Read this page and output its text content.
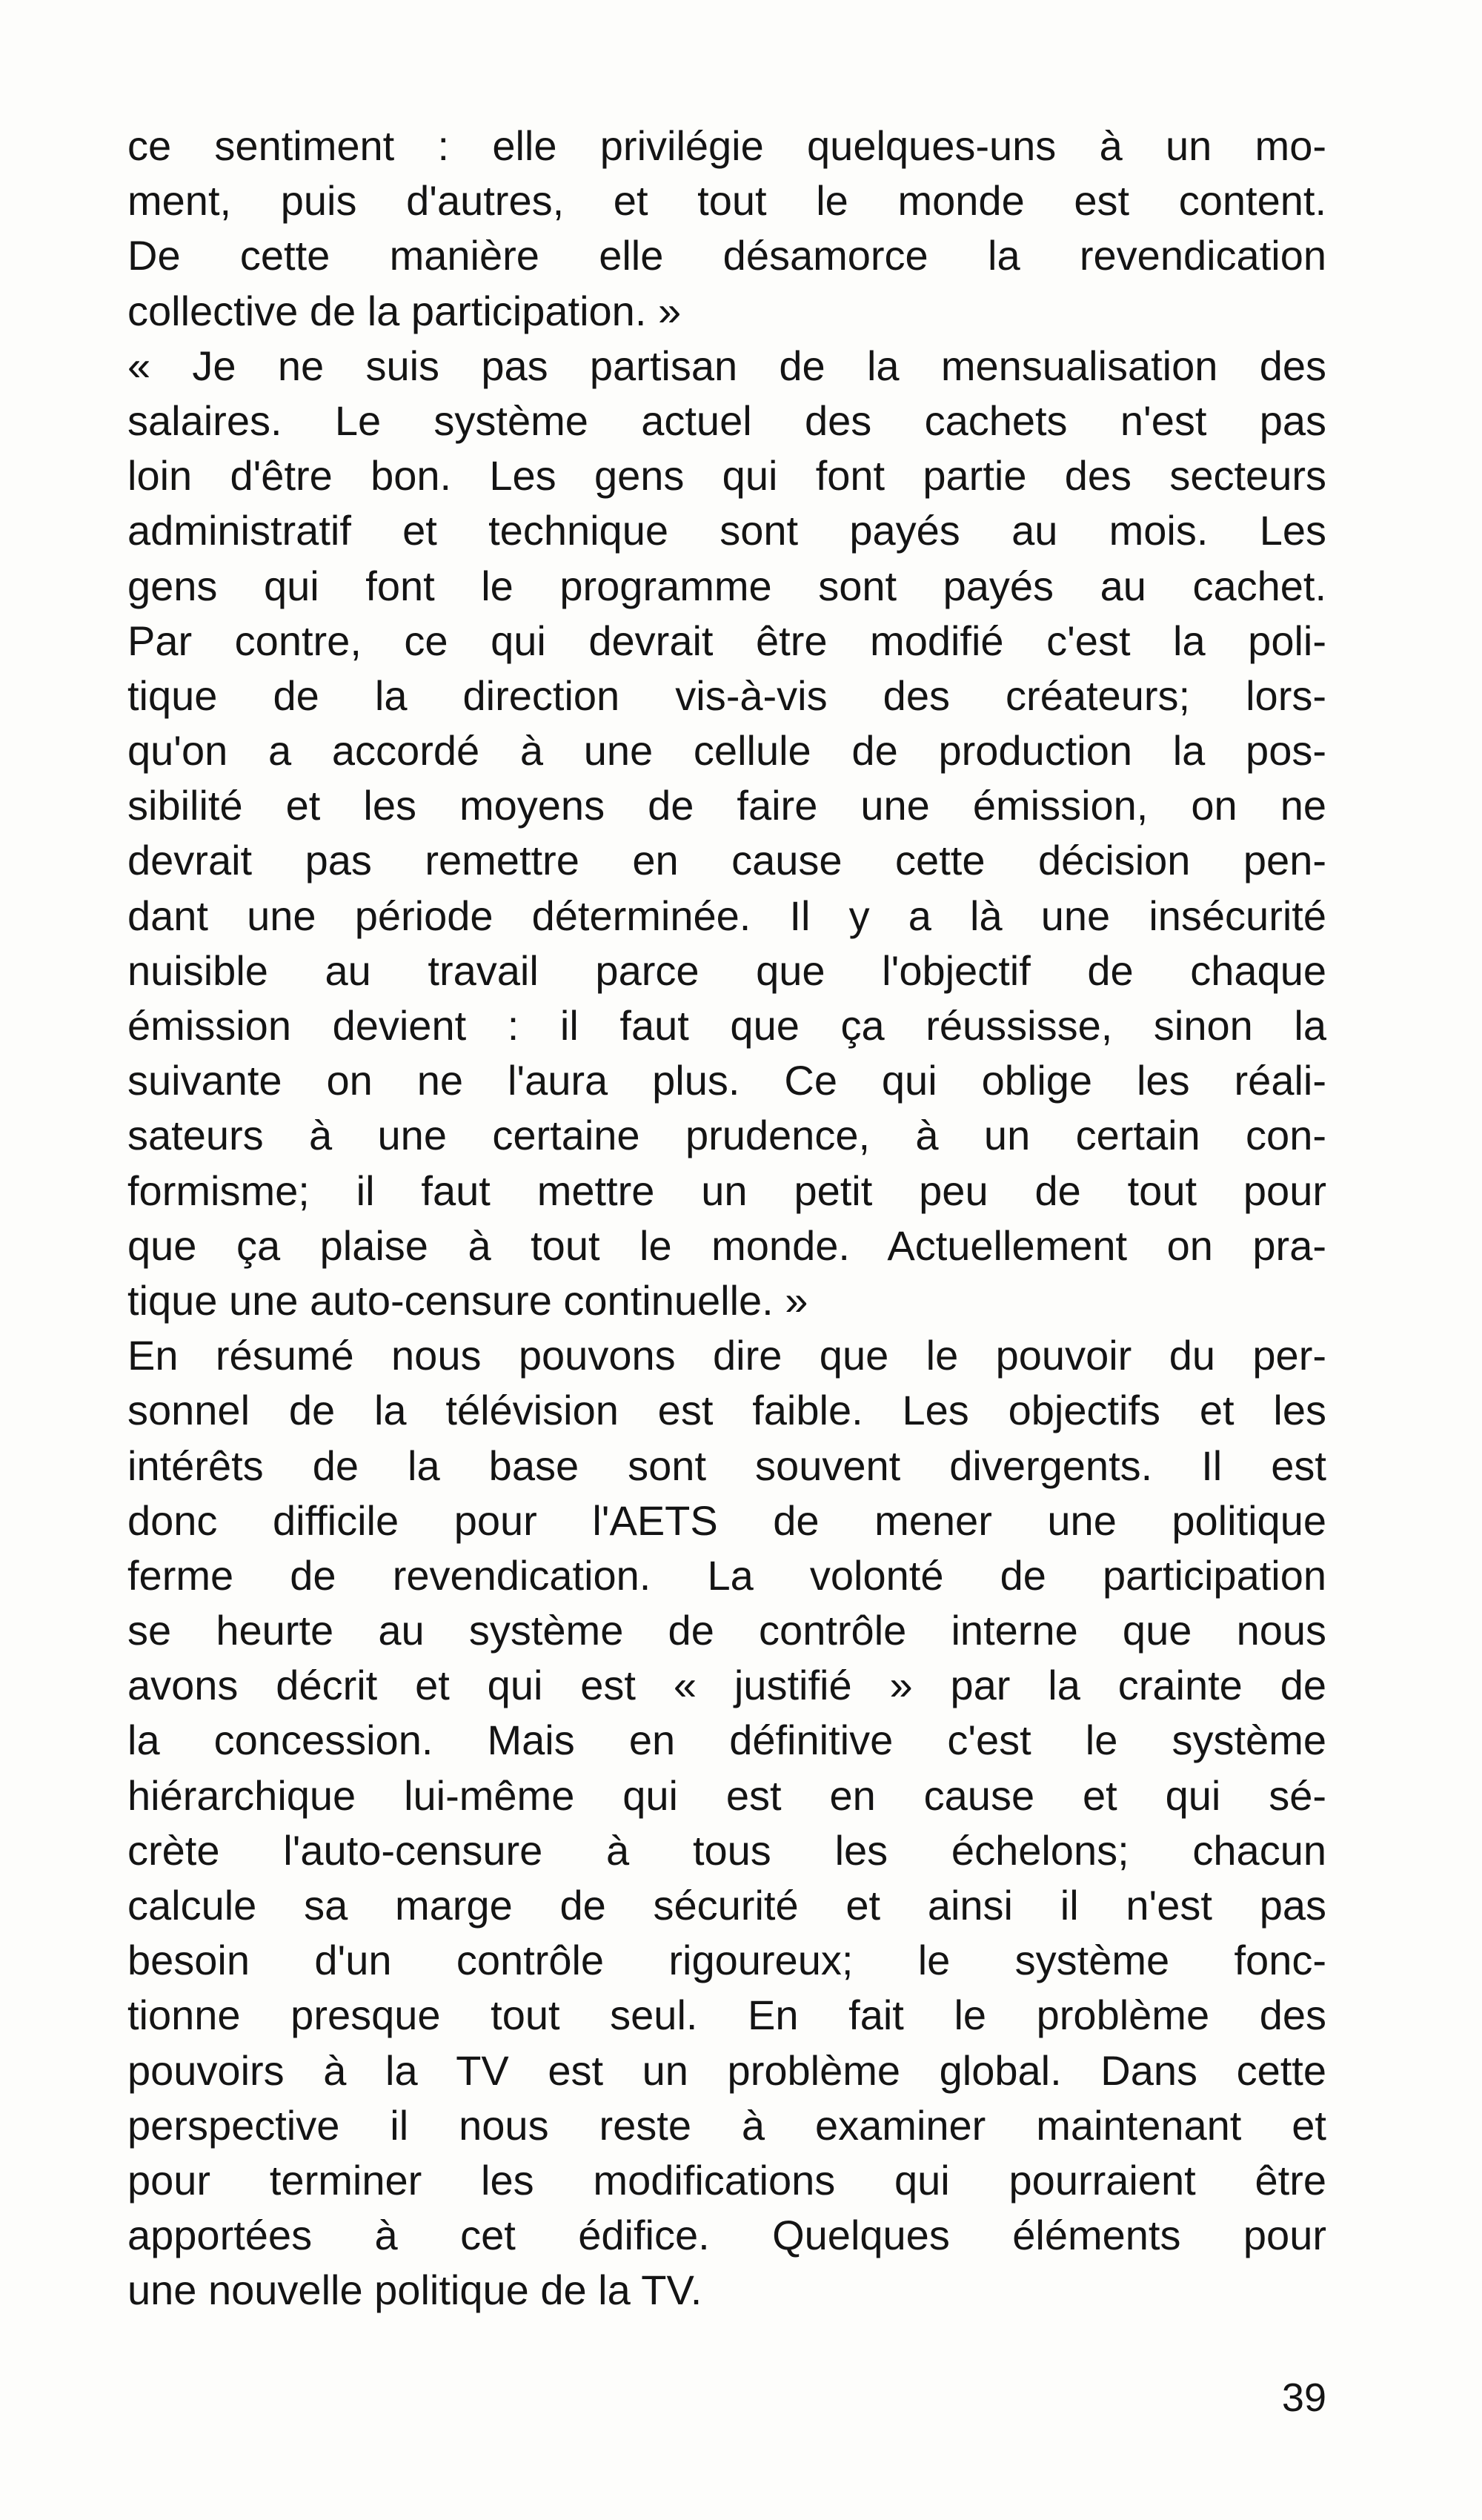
ce sentiment : elle privilégie quelques-uns à un mo-
ment, puis d'autres, et tout le monde est content.
De cette manière elle désamorce la revendication
collective de la participation. »
« Je ne suis pas partisan de la mensualisation des
salaires. Le système actuel des cachets n'est pas
loin d'être bon. Les gens qui font partie des secteurs
administratif et technique sont payés au mois. Les
gens qui font le programme sont payés au cachet.
Par contre, ce qui devrait être modifié c'est la poli-
tique de la direction vis-à-vis des créateurs; lors-
qu'on a accordé à une cellule de production la pos-
sibilité et les moyens de faire une émission, on ne
devrait pas remettre en cause cette décision pen-
dant une période déterminée. Il y a là une insécurité
nuisible au travail parce que l'objectif de chaque
émission devient : il faut que ça réussisse, sinon la
suivante on ne l'aura plus. Ce qui oblige les réali-
sateurs à une certaine prudence, à un certain con-
formisme; il faut mettre un petit peu de tout pour
que ça plaise à tout le monde. Actuellement on pra-
tique une auto-censure continuelle. »
En résumé nous pouvons dire que le pouvoir du per-
sonnel de la télévision est faible. Les objectifs et les
intérêts de la base sont souvent divergents. Il est
donc difficile pour l'AETS de mener une politique
ferme de revendication. La volonté de participation
se heurte au système de contrôle interne que nous
avons décrit et qui est « justifié » par la crainte de
la concession. Mais en définitive c'est le système
hiérarchique lui-même qui est en cause et qui sé-
crète l'auto-censure à tous les échelons; chacun
calcule sa marge de sécurité et ainsi il n'est pas
besoin d'un contrôle rigoureux; le système fonc-
tionne presque tout seul. En fait le problème des
pouvoirs à la TV est un problème global. Dans cette
perspective il nous reste à examiner maintenant et
pour terminer les modifications qui pourraient être
apportées à cet édifice. Quelques éléments pour
une nouvelle politique de la TV.
39
